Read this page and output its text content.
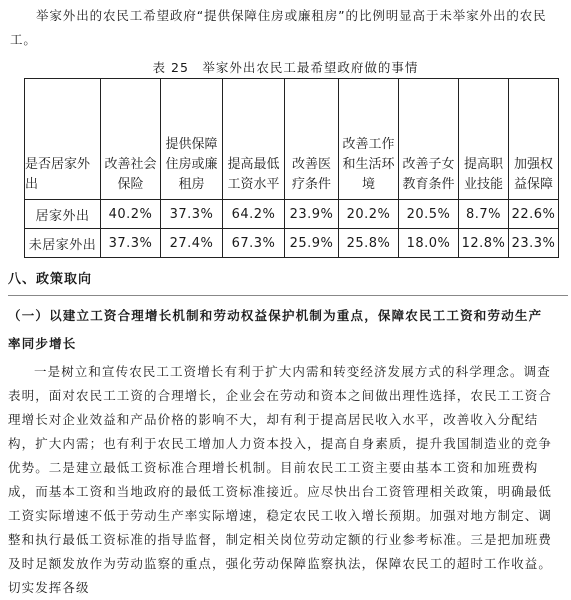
举家外出的农民工希望政府“提供保障住房或廉租房”的比例明显高于未举家外出的农民工。
表 25　举家外出农民工最希望政府做的事情
是否居家外出	改善社会保险	提供保障住房或廉租房	提高最低工资水平	改善医疗条件	改善工作和生活环境	改善子女教育条件	提高职业技能	加强权益保障
居家外出	40.2%	37.3%	64.2%	23.9%	20.2%	20.5%	8.7%	22.6%
未居家外出	37.3%	27.4%	67.3%	25.9%	25.8%	18.0%	12.8%	23.3%
八、政策取向
（一）以建立工资合理增长机制和劳动权益保护机制为重点，保障农民工工资和劳动生产
率同步增长
一是树立和宣传农民工工资增长有利于扩大内需和转变经济发展方式的科学理念。调查表明，面对农民工工资的合理增长，企业会在劳动和资本之间做出理性选择，农民工工资合理增长对企业效益和产品价格的影响不大，却有利于提高居民收入水平，改善收入分配结构，扩大内需；也有利于农民工增加人力资本投入，提高自身素质，提升我国制造业的竞争优势。二是建立最低工资标准合理增长机制。目前农民工工资主要由基本工资和加班费构成，而基本工资和当地政府的最低工资标准接近。应尽快出台工资管理相关政策，明确最低工资实际增速不低于劳动生产率实际增速，稳定农民工收入增长预期。加强对地方制定、调整和执行最低工资标准的指导监督，制定相关岗位劳动定额的行业参考标准。三是把加班费及时足额发放作为劳动监察的重点，强化劳动保障监察执法，保障农民工的超时工作收益。切实发挥各级
